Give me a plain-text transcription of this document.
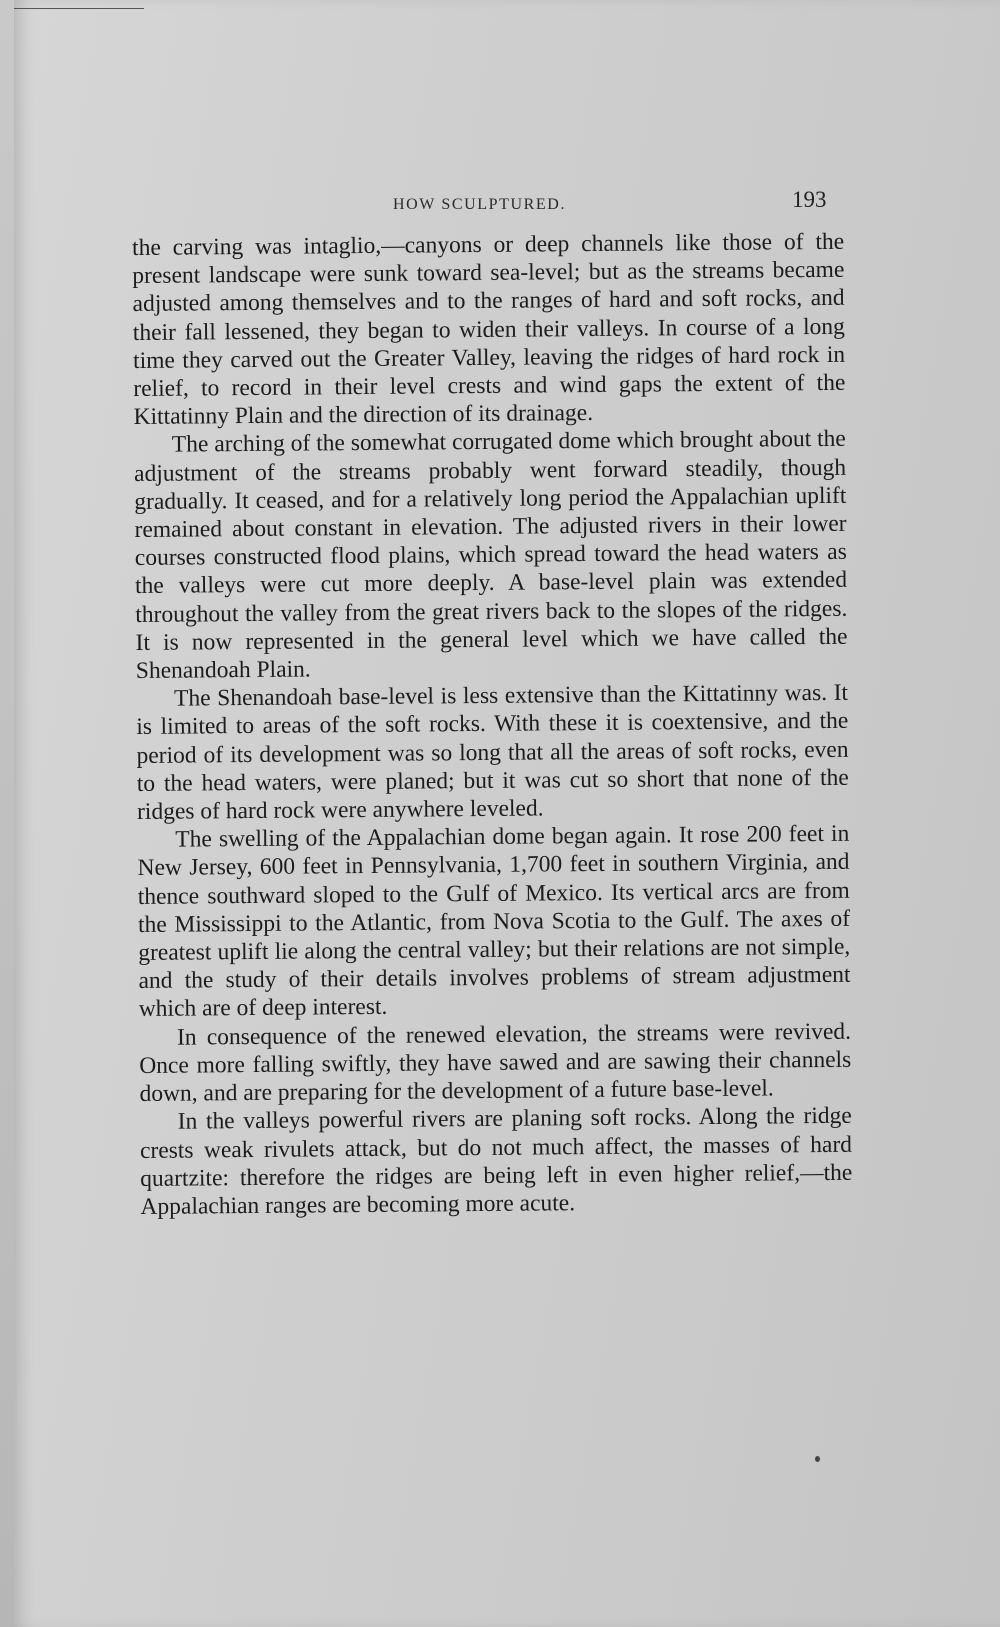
HOW SCULPTURED.	193

the carving was intaglio,—canyons or deep channels like those of the present landscape were sunk toward sea-level; but as the streams became adjusted among themselves and to the ranges of hard and soft rocks, and their fall lessened, they began to widen their valleys. In course of a long time they carved out the Greater Valley, leaving the ridges of hard rock in relief, to record in their level crests and wind gaps the extent of the Kittatinny Plain and the direction of its drainage.

The arching of the somewhat corrugated dome which brought about the adjustment of the streams probably went forward steadily, though gradually. It ceased, and for a relatively long period the Appalachian uplift remained about constant in elevation. The adjusted rivers in their lower courses constructed flood plains, which spread toward the head waters as the valleys were cut more deeply. A base-level plain was extended throughout the valley from the great rivers back to the slopes of the ridges. It is now represented in the general level which we have called the Shenandoah Plain.

The Shenandoah base-level is less extensive than the Kittatinny was. It is limited to areas of the soft rocks. With these it is coextensive, and the period of its development was so long that all the areas of soft rocks, even to the head waters, were planed; but it was cut so short that none of the ridges of hard rock were anywhere leveled.

The swelling of the Appalachian dome began again. It rose 200 feet in New Jersey, 600 feet in Pennsylvania, 1,700 feet in southern Virginia, and thence southward sloped to the Gulf of Mexico. Its vertical arcs are from the Mississippi to the Atlantic, from Nova Scotia to the Gulf. The axes of greatest uplift lie along the central valley; but their relations are not simple, and the study of their details involves problems of stream adjustment which are of deep interest.

In consequence of the renewed elevation, the streams were revived. Once more falling swiftly, they have sawed and are sawing their channels down, and are preparing for the development of a future base-level.

In the valleys powerful rivers are planing soft rocks. Along the ridge crests weak rivulets attack, but do not much affect, the masses of hard quartzite: therefore the ridges are being left in even higher relief,—the Appalachian ranges are becoming more acute.
